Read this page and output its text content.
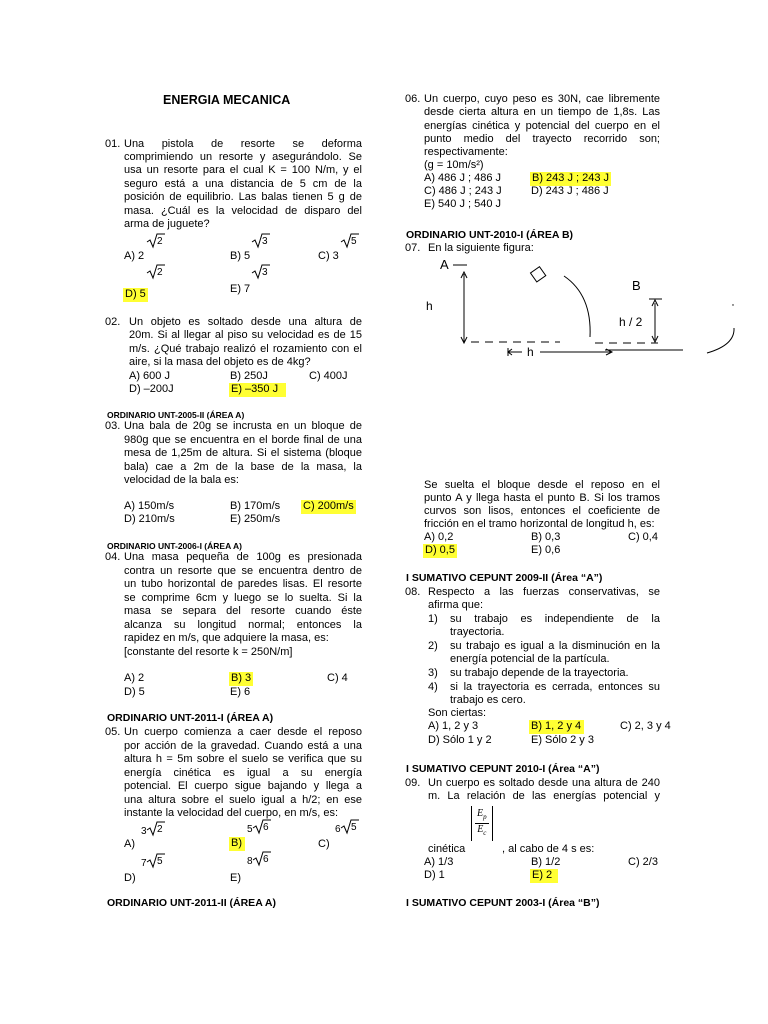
ENERGIA MECANICA
01. Una pistola de resorte se deforma
comprimiendo un resorte y asegurándolo. Se
usa un resorte para el cual K = 100 N/m, y el
seguro está a una distancia de 5 cm de la
posición de equilibrio. Las balas tienen 5 g de
masa. ¿Cuál es la velocidad de disparo del
arma de juguete?
2	3	5
A) 2	B) 5	C) 3
2	3
D) 5	E) 7
02. Un objeto es soltado desde una altura de
20m. Si al llegar al piso su velocidad es de 15
m/s. ¿Qué trabajo realizó el rozamiento con el
aire, si la masa del objeto es de 4kg?
A) 600 J	B) 250J	C) 400J
D) –200J	E) –350 J
ORDINARIO UNT-2005-II (ÁREA A)
03. Una bala de 20g se incrusta en un bloque de
980g que se encuentra en el borde final de una
mesa de 1,25m de altura. Si el sistema (bloque
bala) cae a 2m de la base de la masa, la
velocidad de la bala es:
A) 150m/s	B) 170m/s C) 200m/s
D) 210m/s	E) 250m/s
ORDINARIO UNT-2006-I (ÁREA A)
04. Una masa pequeña de 100g es presionada
contra un resorte que se encuentra dentro de
un tubo horizontal de paredes lisas. El resorte
se comprime 6cm y luego se lo suelta. Si la
masa se separa del resorte cuando éste
alcanza su longitud normal; entonces la
rapidez en m/s, que adquiere la masa, es:
[constante del resorte k = 250N/m]
A) 2	B) 3	C) 4
D) 5	E) 6
ORDINARIO UNT-2011-I (ÁREA A)
05. Un cuerpo comienza a caer desde el reposo
por acción de la gravedad. Cuando está a una
altura h = 5m sobre el suelo se verifica que su
energía cinética es igual a su energía
potencial. El cuerpo sigue bajando y llega a
una altura sobre el suelo igual a h/2; en ese
instante la velocidad del cuerpo, en m/s, es:
3 2	5 6	6 5
A)	B)	C)
7 5	8 6
D)	E)
ORDINARIO UNT-2011-II (ÁREA A)
06. Un cuerpo, cuyo peso es 30N, cae libremente
desde cierta altura en un tiempo de 1,8s. Las
energías cinética y potencial del cuerpo en el
punto medio del trayecto recorrido son;
respectivamente:
(g = 10m/s²)
A) 486 J ; 486 J	B) 243 J ; 243 J
C) 486 J ; 243 J	D) 243 J ; 486 J
E) 540 J ; 540 J
ORDINARIO UNT-2010-I (ÁREA B)
07. En la siguiente figura:
A
h
h
B
h / 2
Se suelta el bloque desde el reposo en el
punto A y llega hasta el punto B. Si los tramos
curvos son lisos, entonces el coeficiente de
fricción en el tramo horizontal de longitud h, es:
A) 0,2	B) 0,3	C) 0,4
D) 0,5	E) 0,6
I SUMATIVO CEPUNT 2009-II (Área “A”)
08. Respecto a las fuerzas conservativas, se
afirma que:
1) su trabajo es independiente de la
trayectoria.
2) su trabajo es igual a la disminución en la
energía potencial de la partícula.
3) su trabajo depende de la trayectoria.
4) si la trayectoria es cerrada, entonces su
trabajo es cero.
Son ciertas:
A) 1, 2 y 3	B) 1, 2 y 4	C) 2, 3 y 4
D) Sólo 1 y 2	E) Sólo 2 y 3
I SUMATIVO CEPUNT 2010-I (Área “A”)
09. Un cuerpo es soltado desde una altura de 240
m. La relación de las energías potencial y
$\frac{E_p}{E_c}$
cinética	, al cabo de 4 s es:
A) 1/3	B) 1/2	C) 2/3
D) 1	E) 2
I SUMATIVO CEPUNT 2003-I (Área “B”)
